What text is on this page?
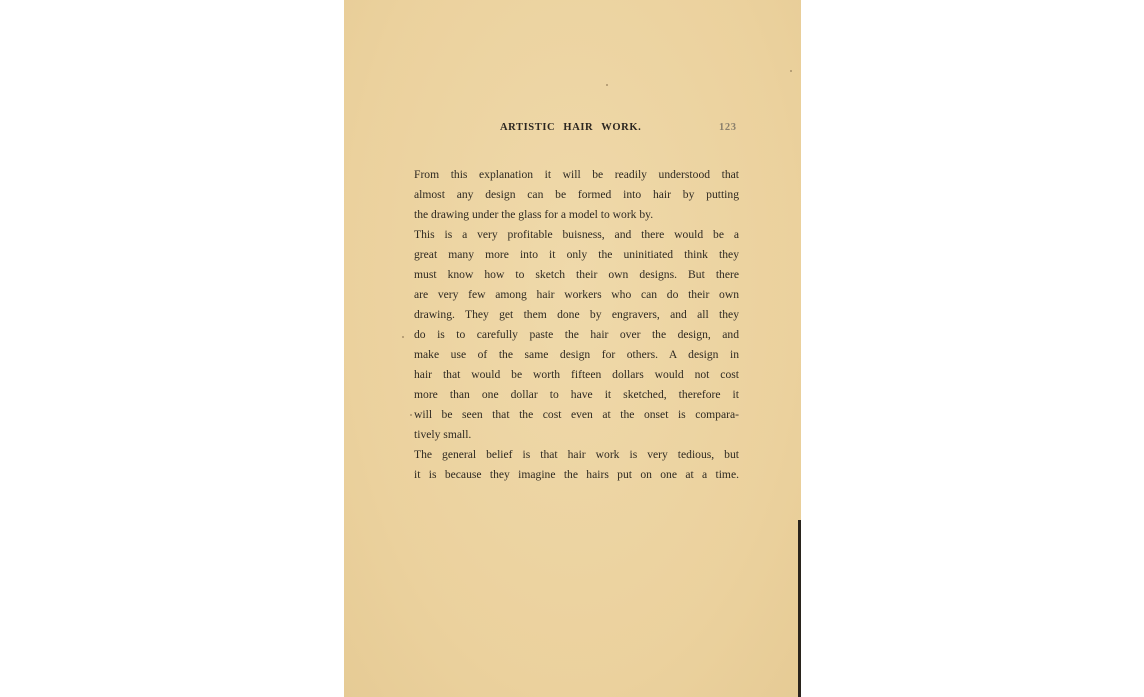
ARTISTIC HAIR WORK.	123
From this explanation it will be readily understood that
almost any design can be formed into hair by putting
the drawing under the glass for a model to work by.
This is a very profitable buisness, and there would be a
great many more into it only the uninitiated think they
must know how to sketch their own designs. But there
are very few among hair workers who can do their own
drawing. They get them done by engravers, and all they
do is to carefully paste the hair over the design, and
make use of the same design for others. A design in
hair that would be worth fifteen dollars would not cost
more than one dollar to have it sketched, therefore it
will be seen that the cost even at the onset is compara-
tively small.
The general belief is that hair work is very tedious, but
it is because they imagine the hairs put on one at a time.
